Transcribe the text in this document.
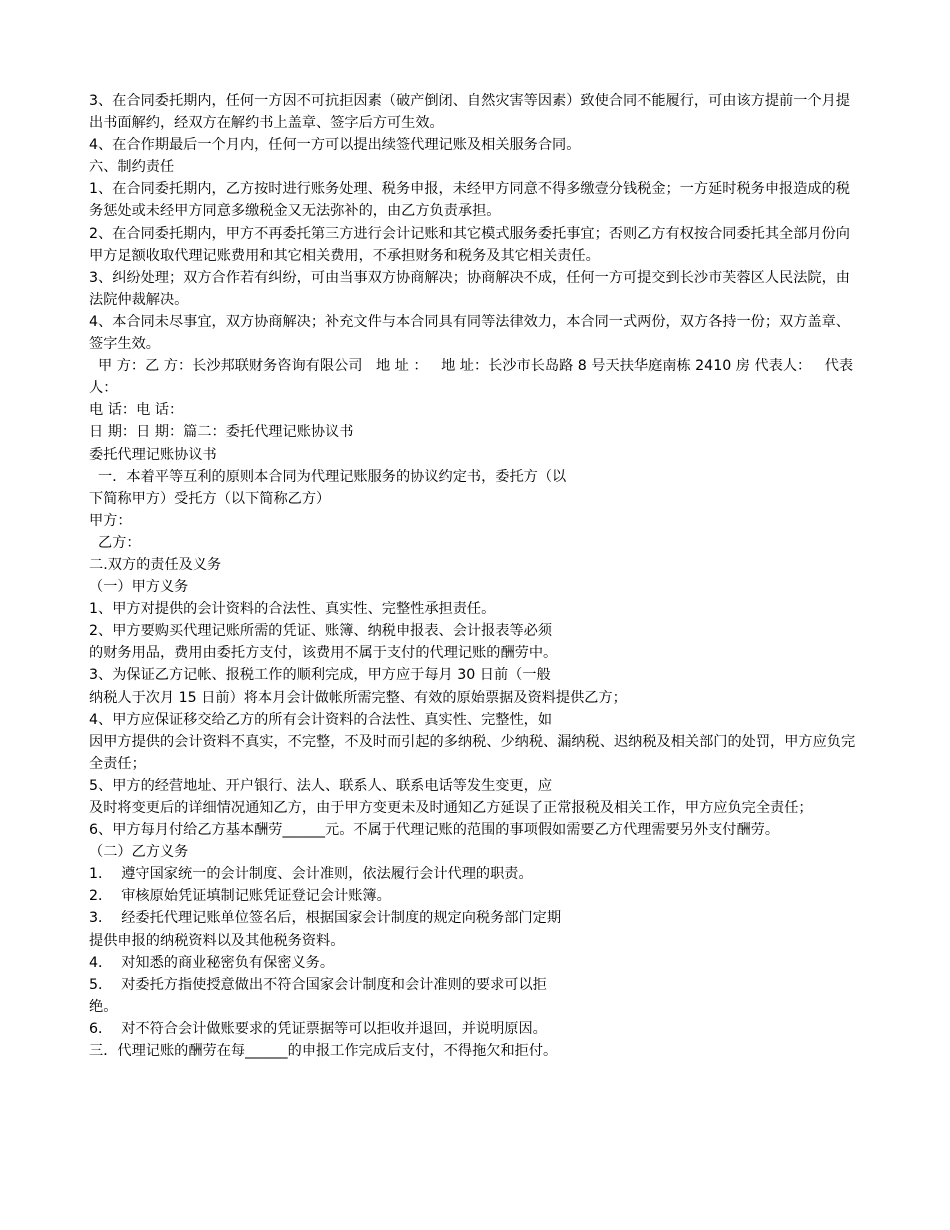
3、在合同委托期内，任何一方因不可抗拒因素（破产倒闭、自然灾害等因素）致使合同不能履行，可由该方提前一个月提出书面解约，经双方在解约书上盖章、签字后方可生效。

4、在合作期最后一个月内，任何一方可以提出续签代理记账及相关服务合同。

六、制约责任

1、在合同委托期内，乙方按时进行账务处理、税务申报，未经甲方同意不得多缴壹分钱税金；一方延时税务申报造成的税务惩处或未经甲方同意多缴税金又无法弥补的，由乙方负责承担。

2、在合同委托期内，甲方不再委托第三方进行会计记账和其它模式服务委托事宜；否则乙方有权按合同委托其全部月份向甲方足额收取代理记账费用和其它相关费用，不承担财务和税务及其它相关责任。

3、纠纷处理；双方合作若有纠纷，可由当事双方协商解决；协商解决不成，任何一方可提交到长沙市芙蓉区人民法院，由法院仲裁解决。

4、本合同未尽事宜，双方协商解决；补充文件与本合同具有同等法律效力，本合同一式两份，双方各持一份；双方盖章、签字生效。

甲 方：乙 方：长沙邦联财务咨询有限公司   地 址 ：   地 址：长沙市长岛路 8 号天扶华庭南栋 2410 房 代表人：   代表人：

电 话：电 话：

日 期：日 期：篇二：委托代理记账协议书

委托代理记账协议书

一．本着平等互利的原则本合同为代理记账服务的协议约定书，委托方（以

下简称甲方）受托方（以下简称乙方）

甲方：

乙方：

二.双方的责任及义务

（一）甲方义务

1、甲方对提供的会计资料的合法性、真实性、完整性承担责任。

2、甲方要购买代理记账所需的凭证、账簿、纳税申报表、会计报表等必须

的财务用品，费用由委托方支付，该费用不属于支付的代理记账的酬劳中。

3、为保证乙方记帐、报税工作的顺利完成，甲方应于每月 30 日前（一般

纳税人于次月 15 日前）将本月会计做帐所需完整、有效的原始票据及资料提供乙方；

4、甲方应保证移交给乙方的所有会计资料的合法性、真实性、完整性，如

因甲方提供的会计资料不真实，不完整，不及时而引起的多纳税、少纳税、漏纳税、迟纳税及相关部门的处罚，甲方应负完全责任；

5、甲方的经营地址、开户银行、法人、联系人、联系电话等发生变更，应

及时将变更后的详细情况通知乙方，由于甲方变更未及时通知乙方延误了正常报税及相关工作，甲方应负完全责任；

6、甲方每月付给乙方基本酬劳______元。不属于代理记账的范围的事项假如需要乙方代理需要另外支付酬劳。

（二）乙方义务

1．  遵守国家统一的会计制度、会计准则，依法履行会计代理的职责。

2．  审核原始凭证填制记账凭证登记会计账簿。

3．  经委托代理记账单位签名后，根据国家会计制度的规定向税务部门定期

提供申报的纳税资料以及其他税务资料。

4．  对知悉的商业秘密负有保密义务。

5．  对委托方指使授意做出不符合国家会计制度和会计准则的要求可以拒

绝。

6．  对不符合会计做账要求的凭证票据等可以拒收并退回，并说明原因。

三．代理记账的酬劳在每______的申报工作完成后支付，不得拖欠和拒付。
